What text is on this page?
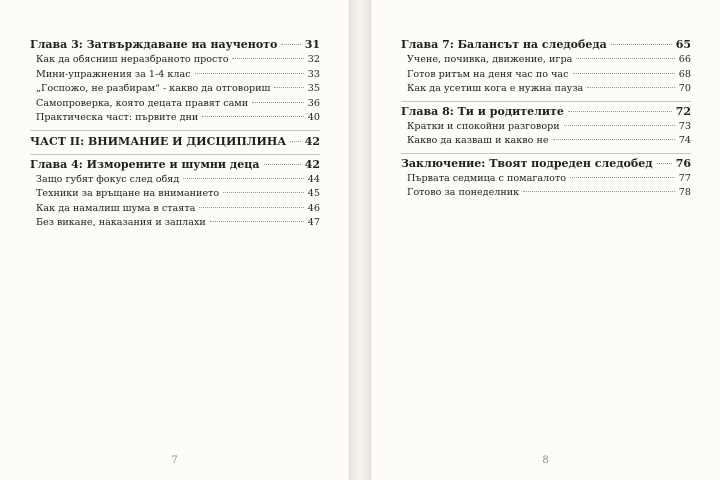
Глава 3: Затвърждаване на наученото 31
Как да обясниш неразбраното просто	32
Мини-упражнения за 1-4 клас	33
„Госпожо, не разбирам“ - какво да отговориш	35
Самопроверка, която децата правят сами	36
Практическа част: първите дни	40
ЧАСТ II: ВНИМАНИЕ И ДИСЦИПЛИНА 42
Глава 4: Изморените и шумни деца	42
Защо губят фокус след обяд	44
Техники за връщане на вниманието	45
Как да намалиш шума в стаята	46
Без викане, наказания и заплахи	47
7
Глава 7: Балансът на следобеда	65
Учене, почивка, движение, игра	66
Готов ритъм на деня час по час	68
Как да усетиш кога е нужна пауза	70
Глава 8: Ти и родителите	72
Кратки и спокойни разговори	73
Какво да казваш и какво не	74
Заключение: Твоят подреден следобед 76
Първата седмица с помагалото	77
Готово за понеделник	78
8
